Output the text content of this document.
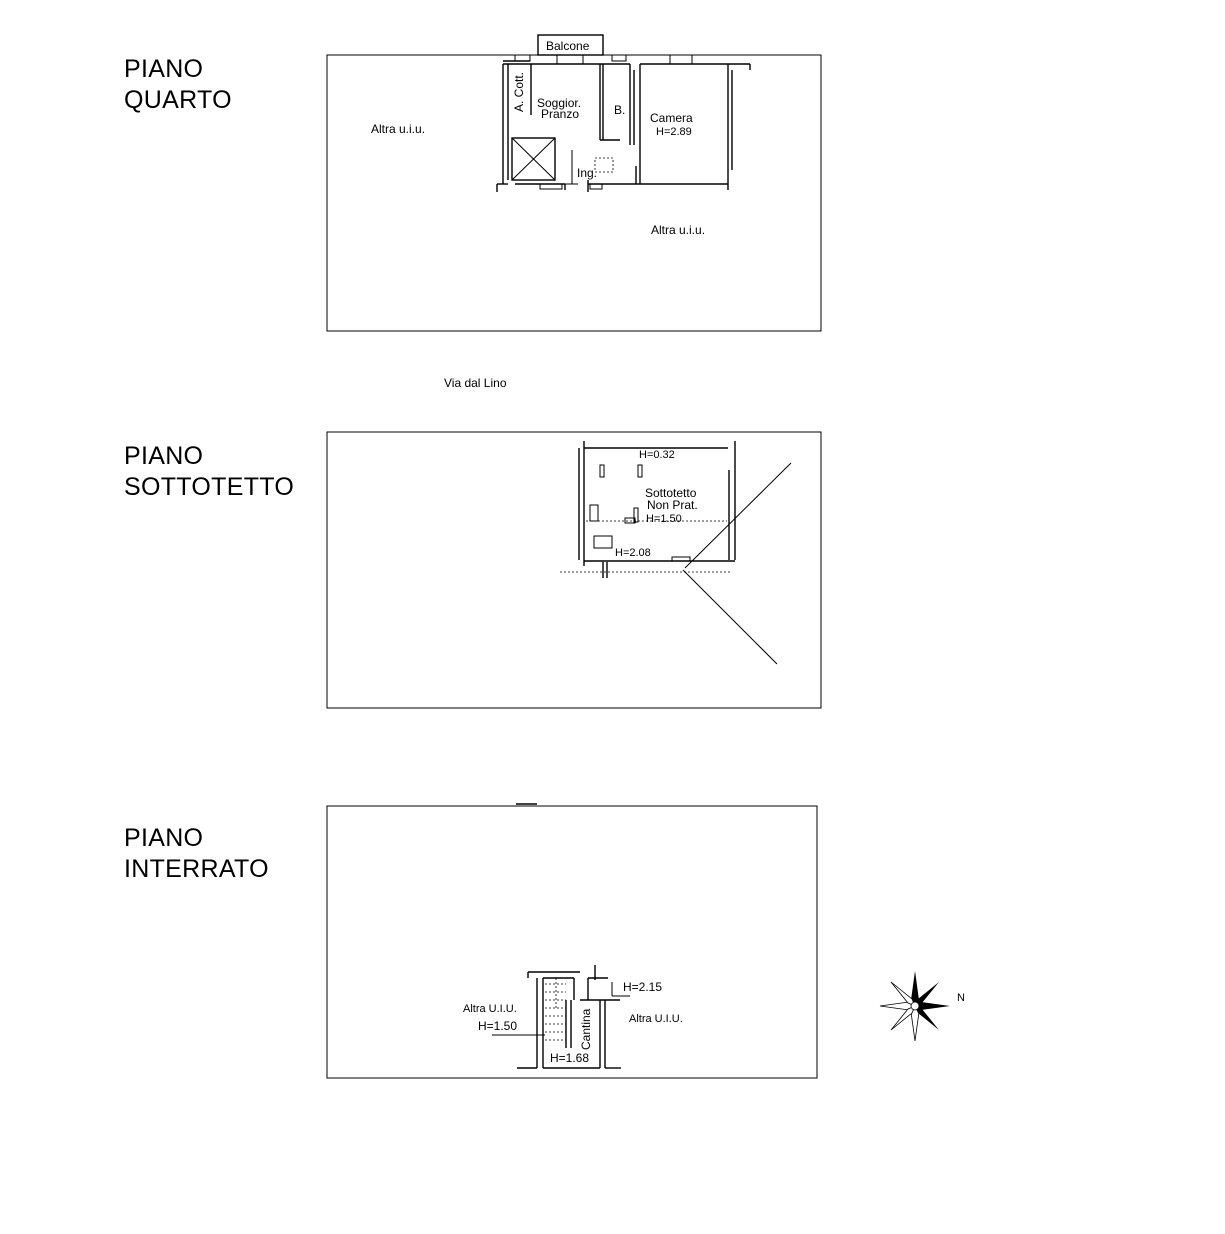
PIANO
QUARTO
PIANO
SOTTOTETTO
PIANO
INTERRATO
Balcone
A. Cott. Soggior.
Pranzo	B.
Camera
H=2.89
Ing.
Altra u.i.u.
Altra u.i.u.
Via dal Lino
H=0.32
Sottotetto
Non Prat.
H=1.50
H=2.08
Altra U.I.U.
H=1.50
H=2.15
Cantina	Altra U.I.U.
H=1.68
N
